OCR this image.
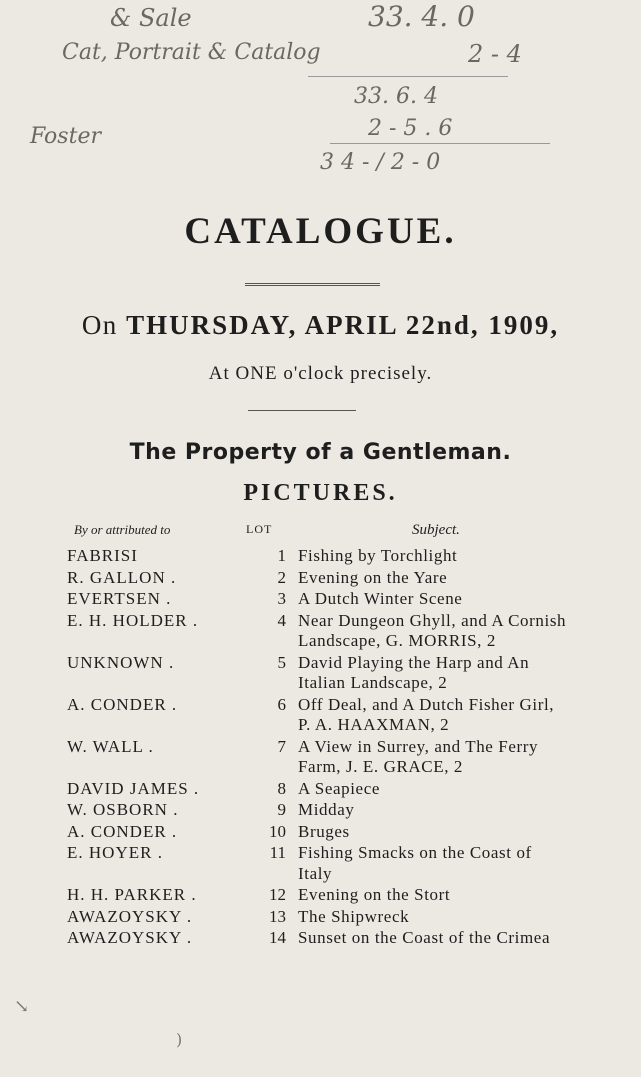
& Sale
Cat, Portrait & Catalog
Foster
33. 4. 0
2 - 4
33. 6. 4
2 - 5 . 6
3 4 - / 2 - 0
CATALOGUE.
On THURSDAY, APRIL 22nd, 1909,
At ONE o'clock precisely.
The Property of a Gentleman.
PICTURES.
By or attributed to	LOT	Subject.
FABRISI	1 Fishing by Torchlight
R. GALLON .	2 Evening on the Yare
EVERTSEN .	3 A Dutch Winter Scene
E. H. HOLDER .	4 Near Dungeon Ghyll, and A Cornish Landscape, G. MORRIS, 2
UNKNOWN .	5 David Playing the Harp and An Italian Landscape, 2
A. CONDER .	6 Off Deal, and A Dutch Fisher Girl, P. A. HAAXMAN, 2
W. WALL .	7 A View in Surrey, and The Ferry Farm, J. E. GRACE, 2
DAVID JAMES .	8 A Seapiece
W. OSBORN .	9 Midday
A. CONDER .	10 Bruges
E. HOYER .	11 Fishing Smacks on the Coast of Italy
H. H. PARKER .	12 Evening on the Stort
AWAZOYSKY .	13 The Shipwreck
AWAZOYSKY .	14 Sunset on the Coast of the Crimea
↘
)
